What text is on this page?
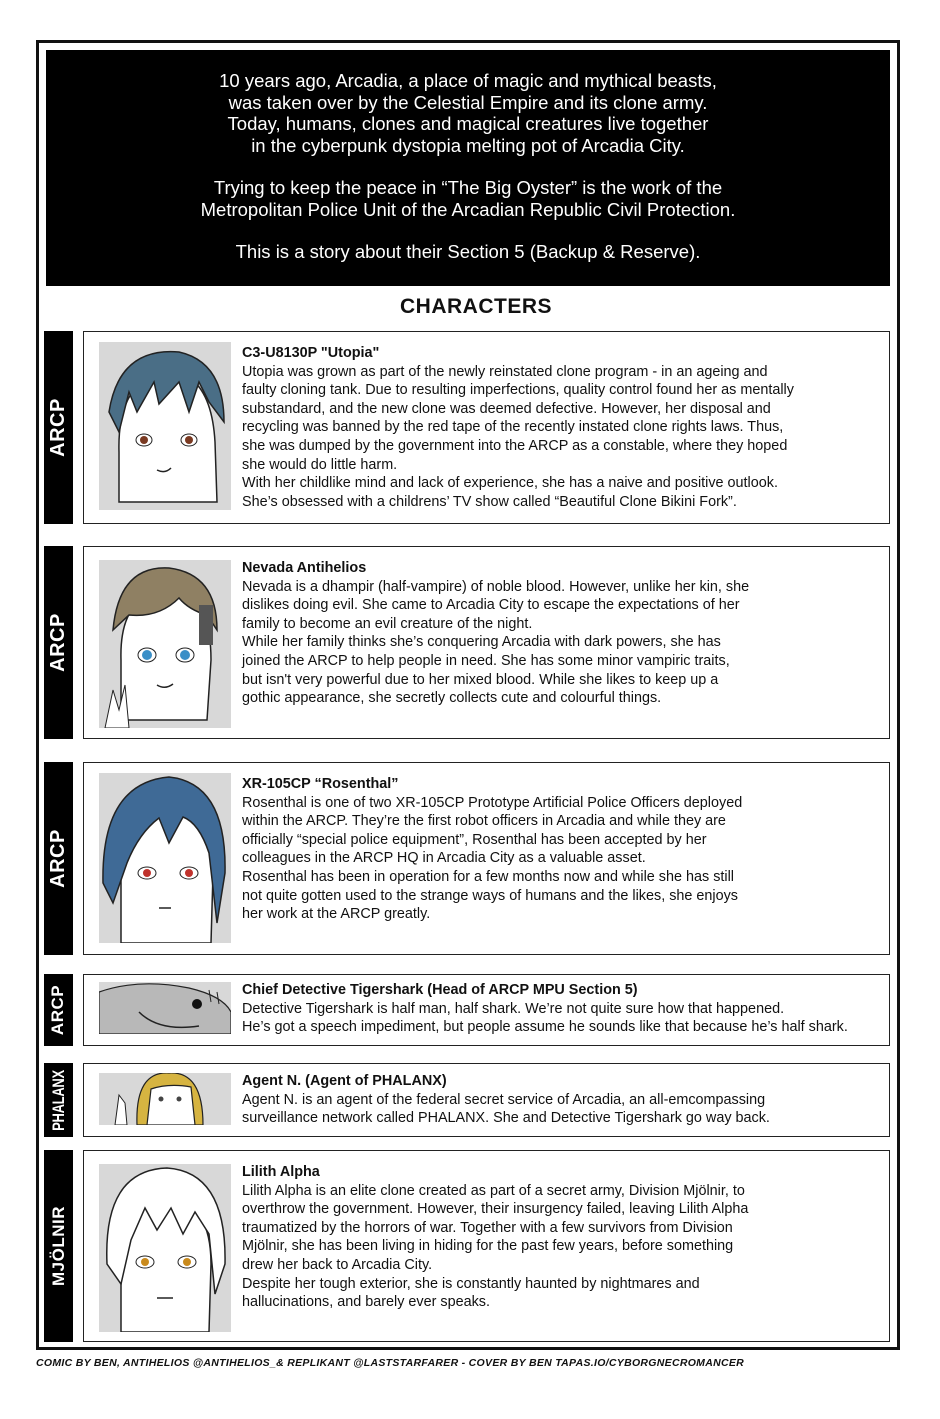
10 years ago, Arcadia, a place of magic and mythical beasts,
was taken over by the Celestial Empire and its clone army.
Today, humans, clones and magical creatures live together
in the cyberpunk dystopia melting pot of Arcadia City.

Trying to keep the peace in “The Big Oyster” is the work of the
Metropolitan Police Unit of the Arcadian Republic Civil Protection.

This is a story about their Section 5 (Backup & Reserve).

CHARACTERS
ARCP
C3-U8130P "Utopia"
Utopia was grown as part of the newly reinstated clone program - in an ageing and
faulty cloning tank. Due to resulting imperfections, quality control found her as mentally
substandard, and the new clone was deemed defective. However, her disposal and
recycling was banned by the red tape of the recently instated clone rights laws. Thus,
she was dumped by the government into the ARCP as a constable, where they hoped
she would do little harm.
With her childlike mind and lack of experience, she has a naive and positive outlook.
She’s obsessed with a childrens’ TV show called “Beautiful Clone Bikini Fork”.
ARCP
Nevada Antihelios
Nevada is a dhampir (half-vampire) of noble blood. However, unlike her kin, she
dislikes doing evil. She came to Arcadia City to escape the expectations of her
family to become an evil creature of the night.
While her family thinks she’s conquering Arcadia with dark powers, she has
joined the ARCP to help people in need. She has some minor vampiric traits,
but isn't very powerful due to her mixed blood. While she likes to keep up a
gothic appearance, she secretly collects cute and colourful things.
ARCP
XR-105CP “Rosenthal”
Rosenthal is one of two XR-105CP Prototype Artificial Police Officers deployed
within the ARCP. They’re the first robot officers in Arcadia and while they are
officially “special police equipment”, Rosenthal has been accepted by her
colleagues in the ARCP HQ in Arcadia City as a valuable asset.
Rosenthal has been in operation for a few months now and while she has still
not quite gotten used to the strange ways of humans and the likes, she enjoys
her work at the ARCP greatly.
ARCP	Chief Detective Tigershark (Head of ARCP MPU Section 5)
Detective Tigershark is half man, half shark. We’re not quite sure how that happened.
He’s got a speech impediment, but people assume he sounds like that because he’s half shark.
PHALANX	Agent N. (Agent of PHALANX)
Agent N. is an agent of the federal secret service of Arcadia, an all-emcompassing
surveillance network called PHALANX. She and Detective Tigershark go way back.
MJÖLNIR
Lilith Alpha
Lilith Alpha is an elite clone created as part of a secret army, Division Mjölnir, to
overthrow the government. However, their insurgency failed, leaving Lilith Alpha
traumatized by the horrors of war. Together with a few survivors from Division
Mjölnir, she has been living in hiding for the past few years, before something
drew her back to Arcadia City.
Despite her tough exterior, she is constantly haunted by nightmares and
hallucinations, and barely ever speaks.
COMIC BY BEN, ANTIHELIOS @ANTIHELIOS_& REPLIKANT @LASTSTARFARER - COVER BY BEN TAPAS.IO/CYBORGNECROMANCER
